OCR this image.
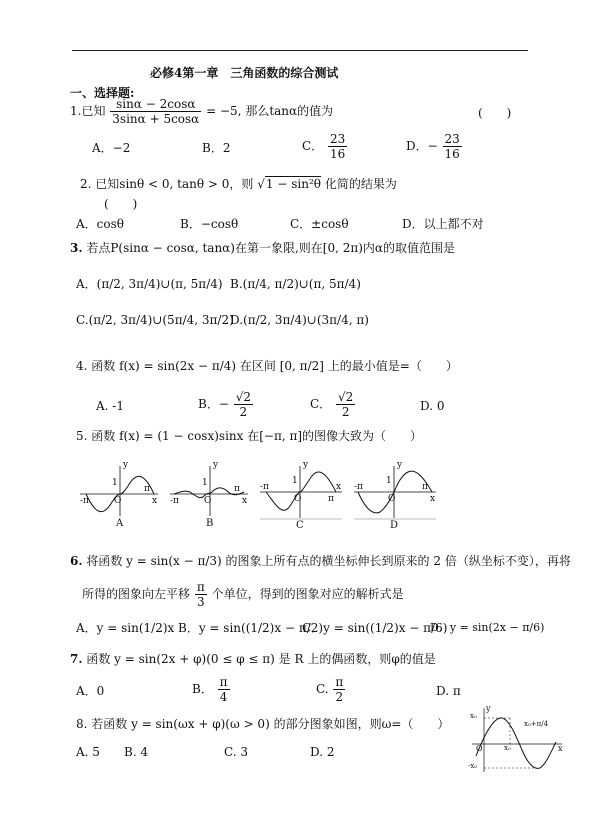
必修4第一章　三角函数的综合测试
一、选择题:
1.已知 $\frac{\sin\alpha - 2\cos\alpha}{3\sin\alpha + 5\cos\alpha} = -5$, 那么tanα的值为	(　　)
A．−2	B．2	C． $\frac{23}{16}$	D．− $\frac{23}{16}$
2. 已知sinθ < 0, tanθ > 0，则 √1 − sin²θ 化简的结果为
(　　)
A．cosθ	B．−cosθ	C．±cosθ	D．以上都不对
3. 若点P(sinα − cosα, tanα)在第一象限,则在[0, 2π)内α的取值范围是
A．(π/2, 3π/4)∪(π, 5π/4) B.(π/4, π/2)∪(π, 5π/4)
C.(π/2, 3π/4)∪(5π/4, 3π/2)
D.(π/2, 3π/4)∪(3π/4, π)
4. 函数 f(x) = sin(2x − π/4) 在区间 [0, π/2] 上的最小值是=（　　）
A. -1	B．− $\frac{√2}{2}$	C． $\frac{√2}{2}$	D. 0
5. 函数 f(x) = (1 − cosx)sinx 在[−π, π]的图像大致为（　　）
y
1
-π	O
π
x
A
y
1
-π	O
π
x
B
y
1
-π
O	π
x
C
y
1
-π
O
π
x
D
6. 将函数 y = sin(x − π/3) 的图象上所有点的横坐标伸长到原来的 2 倍（纵坐标不变），再将
所得的图象向左平移 $\frac{\pi}{3}$ 个单位，得到的图象对应的解析式是
A．y = sin(1/2)x B．y = sin((1/2)x − π/2)
C．y = sin((1/2)x − π/6)
D．y = sin(2x − π/6)
7. 函数 y = sin(2x + φ)(0 ≤ φ ≤ π) 是 R 上的偶函数，则φ的值是
A．0	B． $\frac{\pi}{4}$	C. $\frac{\pi}{2}$	D. π
8. 若函数 y = sin(ωx + φ)(ω > 0) 的部分图象如图，则ω=（　　）
A. 5 B. 4	C. 3	D. 2
y
x₀
-x₀
O	x₀
x₀+π/4
x
